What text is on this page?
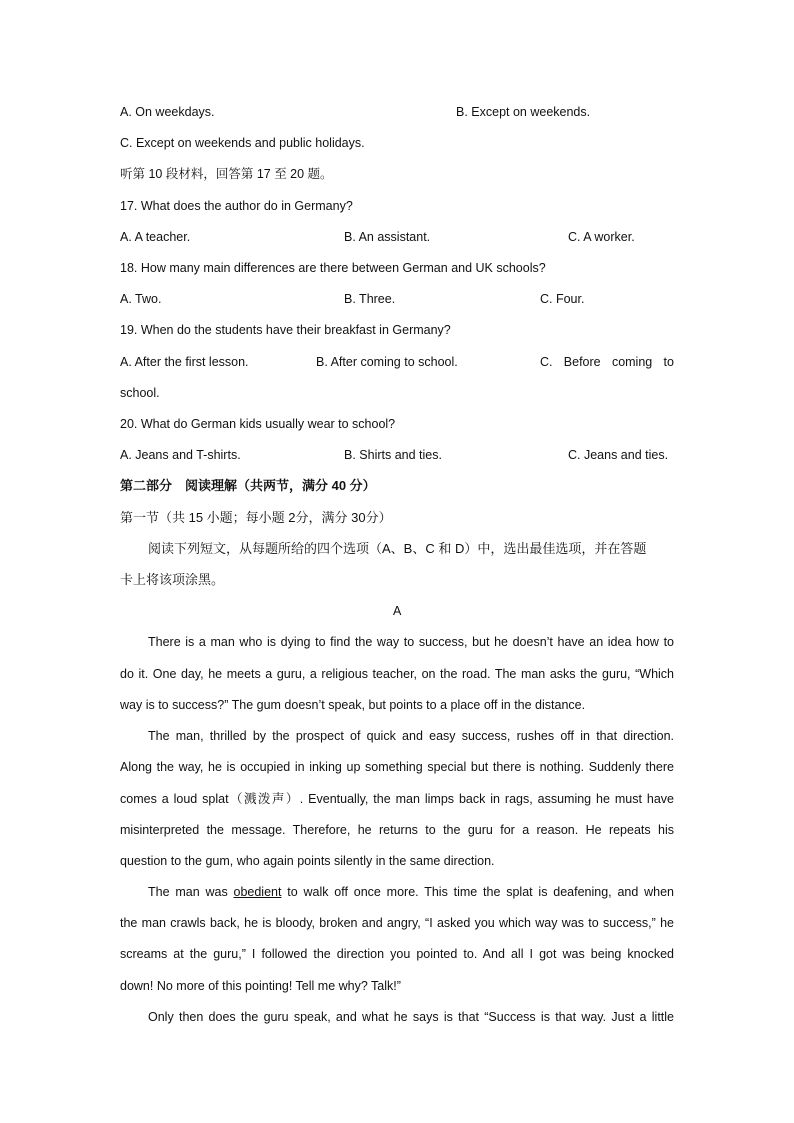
A. On weekdays.	B. Except on weekends.
C. Except on weekends and public holidays.
听第 10 段材料，回答第 17 至 20 题。
17. What does the author do in Germany?
A. A teacher.	B. An assistant.	C. A worker.
18. How many main differences are there between German and UK schools?
A. Two.	B. Three.	C. Four.
19. When do the students have their breakfast in Germany?
A. After the first lesson.	B. After coming to school.	C. Before coming to
school.
20. What do German kids usually wear to school?
A. Jeans and T-shirts.	B. Shirts and ties.	C. Jeans and ties.
第二部分　阅读理解（共两节，满分 40 分）
第一节（共 15 小题；每小题 2分，满分 30分）
阅读下列短文，从每题所给的四个选项（A、B、C 和 D）中，选出最佳选项，并在答题
卡上将该项涂黑。
A
There is a man who is dying to find the way to success, but he doesn’t have an idea how to
do it. One day, he meets a guru, a religious teacher, on the road. The man asks the guru, “Which
way is to success?” The gum doesn’t speak, but points to a place off in the distance.
The man, thrilled by the prospect of quick and easy success, rushes off in that direction.
Along the way, he is occupied in inking up something special but there is nothing. Suddenly there
comes a loud splat（溅泼声）. Eventually, the man limps back in rags, assuming he must have
misinterpreted the message. Therefore, he returns to the guru for a reason. He repeats his
question to the gum, who again points silently in the same direction.
The man was obedient to walk off once more. This time the splat is deafening, and when
the man crawls back, he is bloody, broken and angry, “I asked you which way was to success,” he
screams at the guru,” I followed the direction you pointed to. And all I got was being knocked
down! No more of this pointing! Tell me why? Talk!”
Only then does the guru speak, and what he says is that “Success is that way. Just a little
